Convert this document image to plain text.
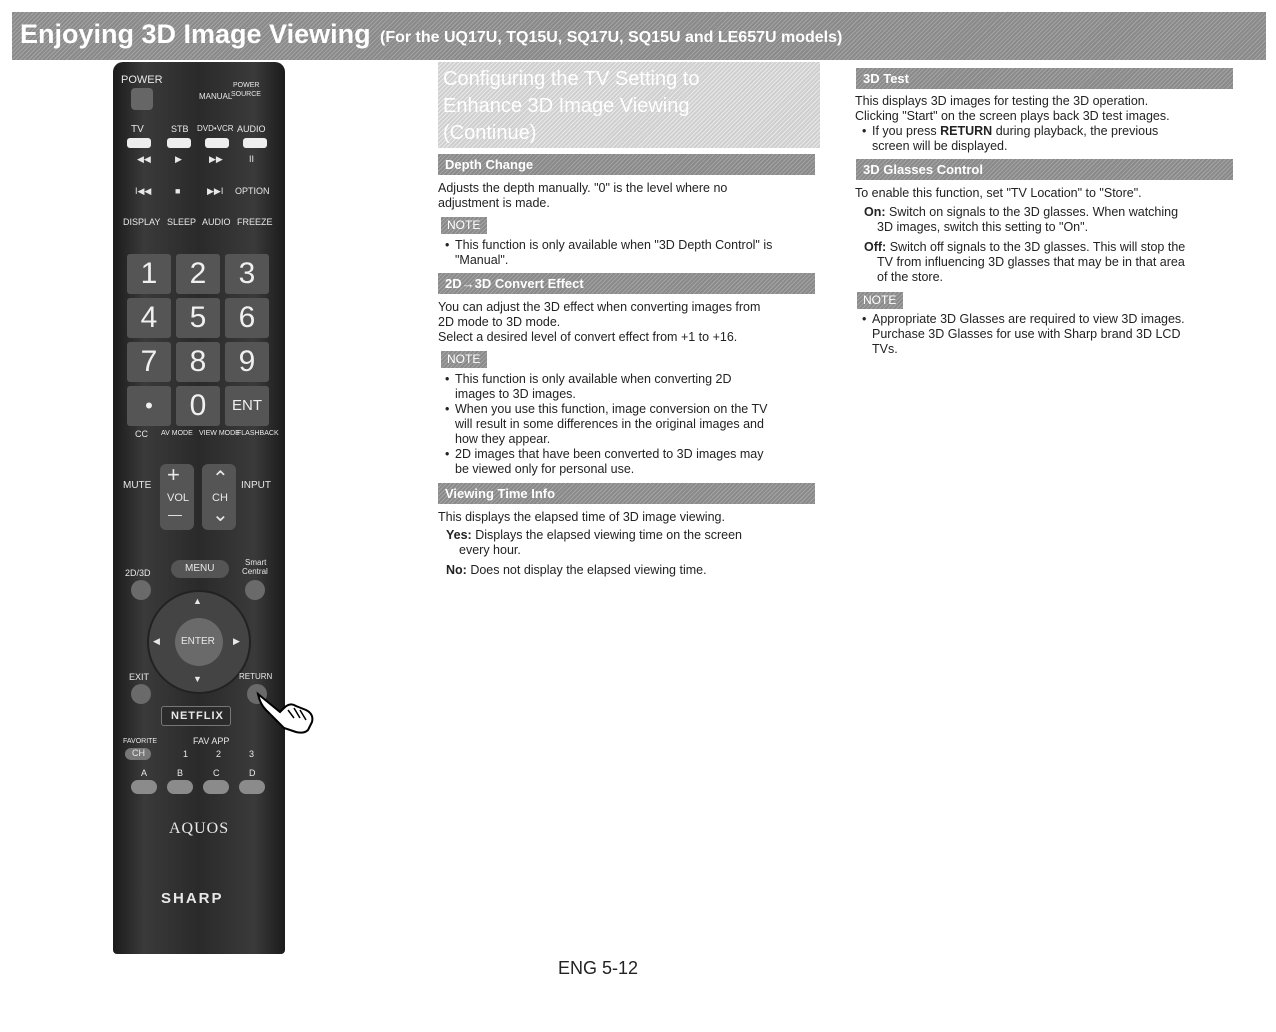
Enjoying 3D Image Viewing (For the UQ17U, TQ15U, SQ17U, SQ15U and LE657U models)
POWER
MANUAL
POWER
SOURCE
TV	STB DVD•VCR AUDIO
◀◀	▶	▶▶	II
I◀◀	■	▶▶I OPTION
DISPLAY SLEEP AUDIO FREEZE
1	2	3
4	5	6
7	8	9
•	0	ENT
CC AV MODE VIEW MODE
FLASHBACK
MUTE +
VOL
—
⌃
CH
⌄
INPUT
2D/3D	MENU
Smart
Central
ENTER
▲
▼
◀	▶
EXIT	RETURN
NETFLIX
FAVORITE
CH
FAV APP
1	2	3
A	B	C	D
AQUOS
SHARP
Configuring the TV Setting to
Enhance 3D Image Viewing
(Continue)
Depth Change
Adjusts the depth manually. "0" is the level where no
adjustment is made.
NOTE
• This function is only available when "3D Depth Control" is
"Manual".
2D→3D Convert Effect
You can adjust the 3D effect when converting images from
2D mode to 3D mode.
Select a desired level of convert effect from +1 to +16.
NOTE
• This function is only available when converting 2D
images to 3D images.
• When you use this function, image conversion on the TV
will result in some differences in the original images and
how they appear.
• 2D images that have been converted to 3D images may
be viewed only for personal use.
Viewing Time Info
This displays the elapsed time of 3D image viewing.
Yes: Displays the elapsed viewing time on the screen
every hour.
No: Does not display the elapsed viewing time.
3D Test
This displays 3D images for testing the 3D operation.
Clicking "Start" on the screen plays back 3D test images.
• If you press RETURN during playback, the previous
screen will be displayed.
3D Glasses Control
To enable this function, set "TV Location" to "Store".
On: Switch on signals to the 3D glasses. When watching
3D images, switch this setting to "On".
Off: Switch off signals to the 3D glasses. This will stop the
TV from influencing 3D glasses that may be in that area
of the store.
NOTE
• Appropriate 3D Glasses are required to view 3D images.
Purchase 3D Glasses for use with Sharp brand 3D LCD
TVs.
ENG 5-12
